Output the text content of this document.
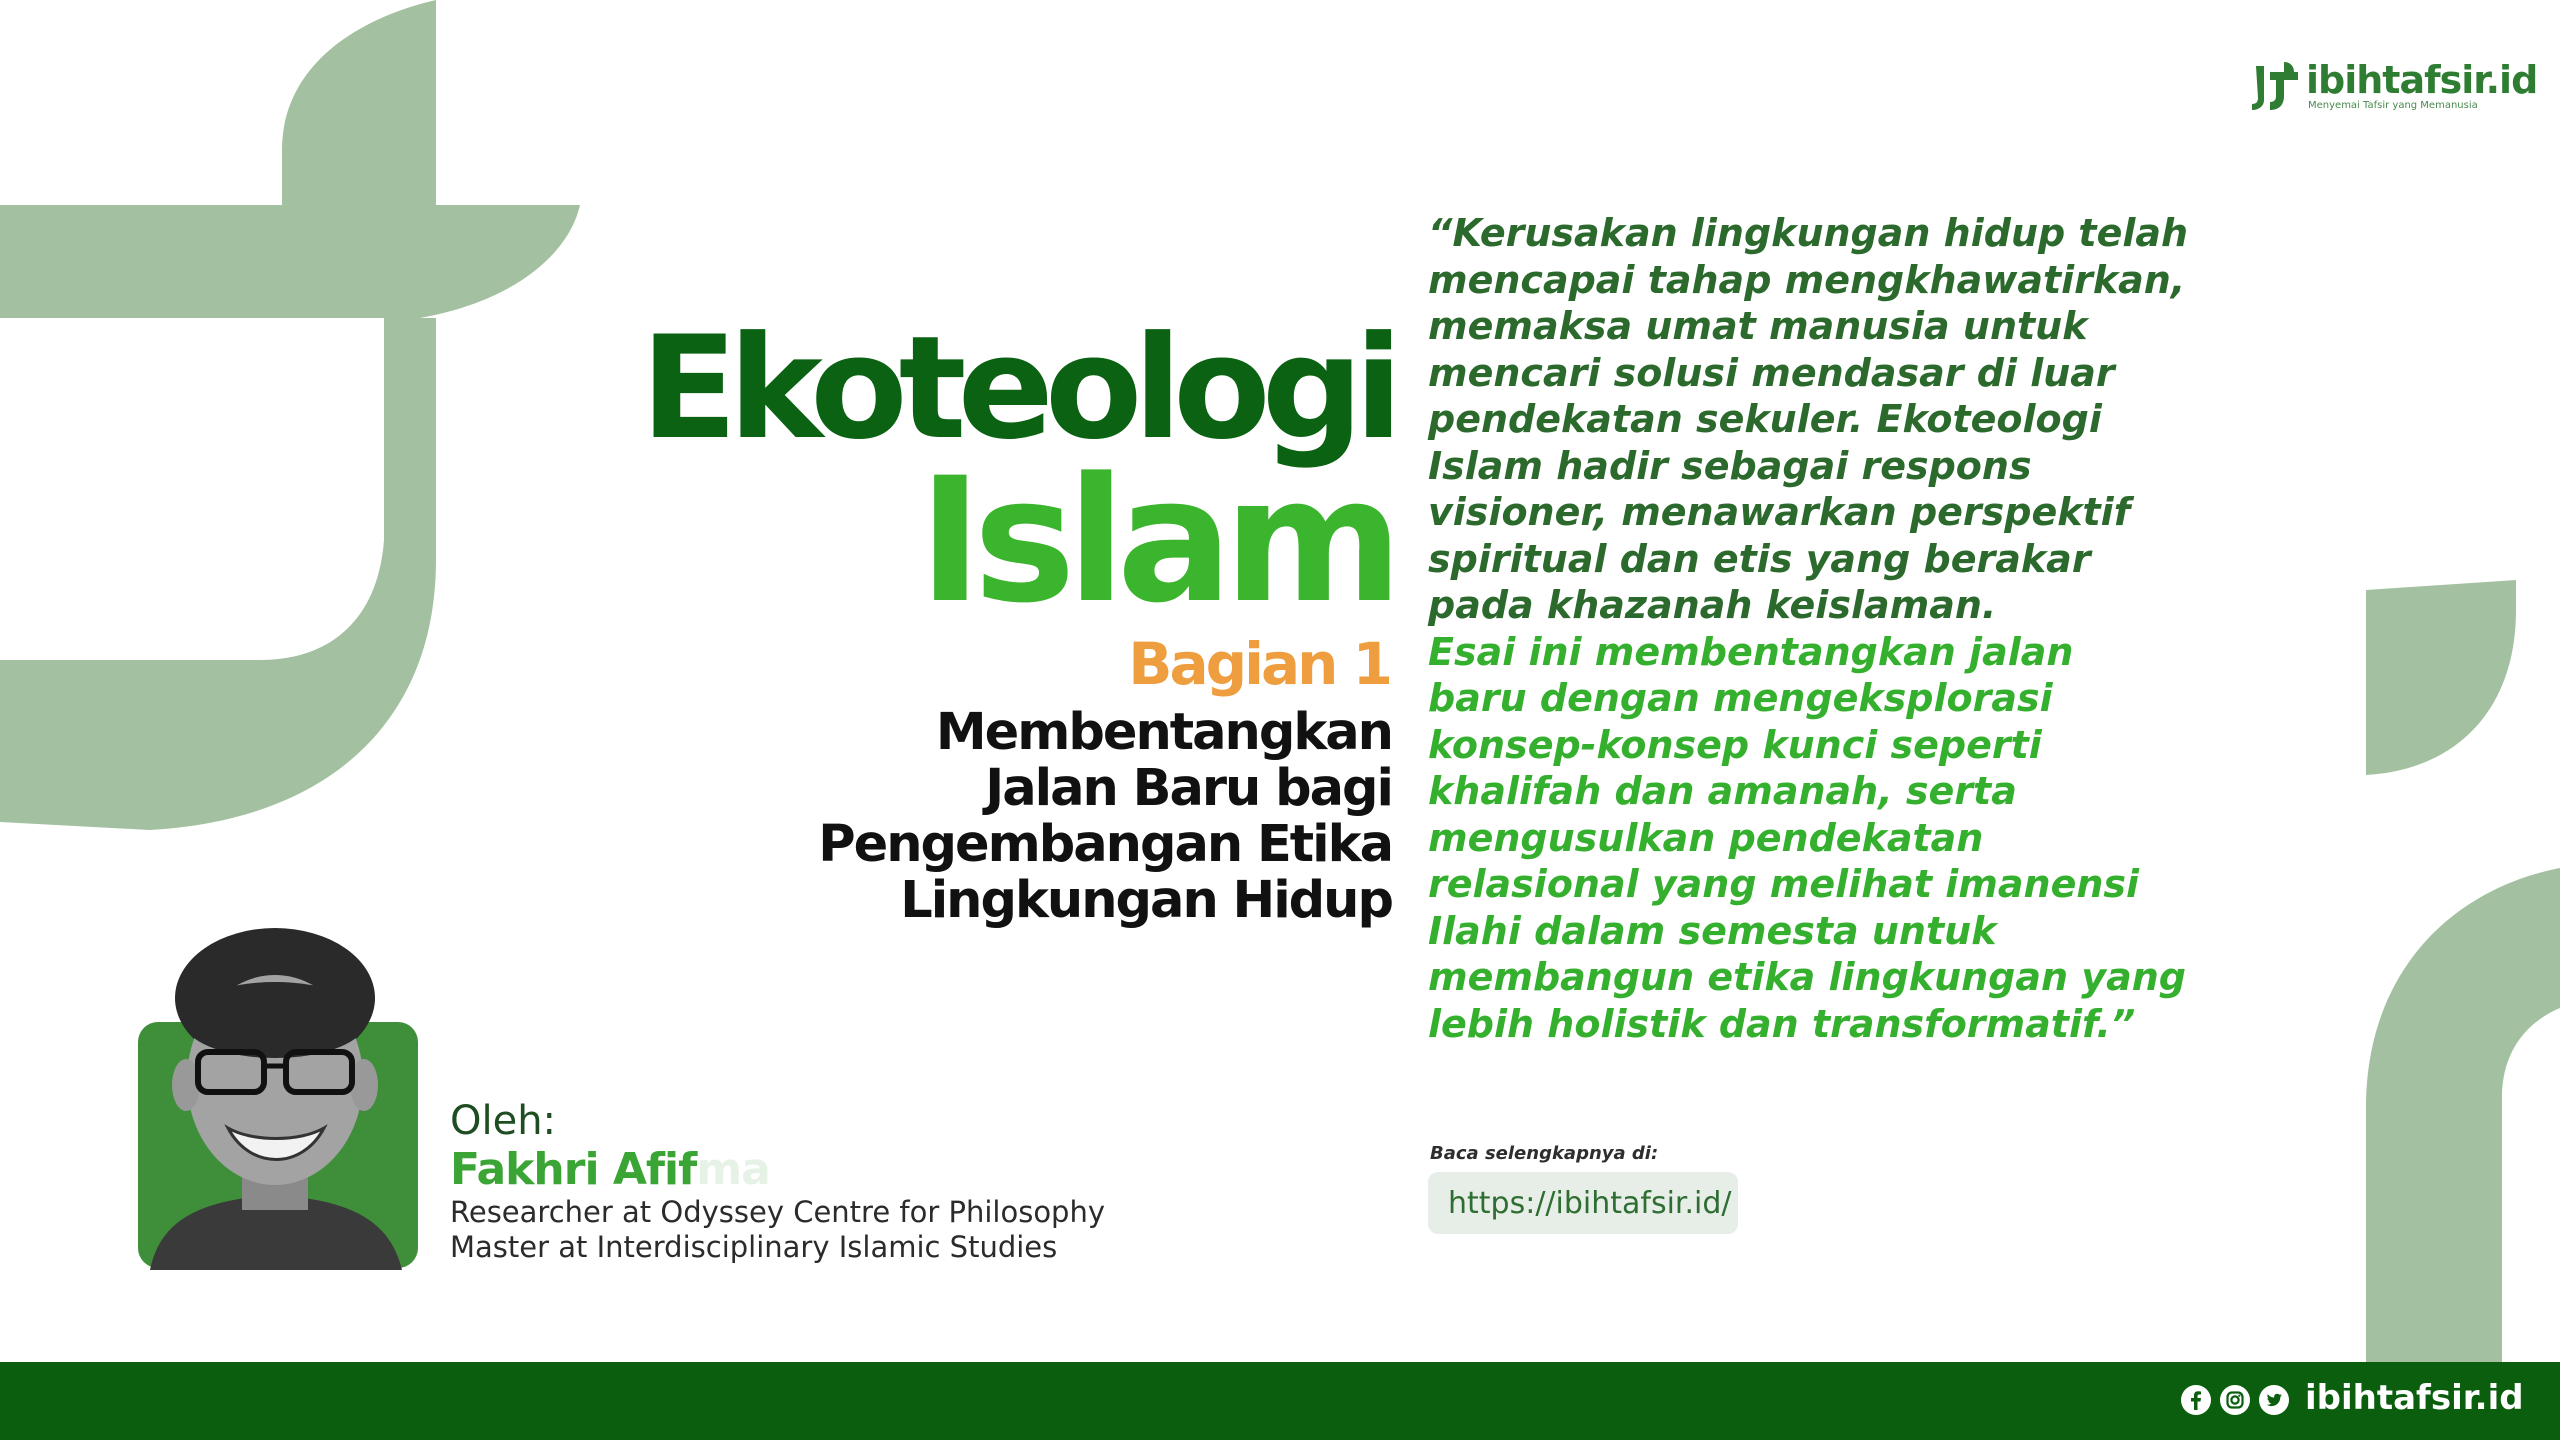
ibihtafsir.id
Menyemai Tafsir yang Memanusia
Ekoteologi
Islam
Bagian 1
Membentangkan
Jalan Baru bagi
Pengembangan Etika
Lingkungan Hidup
“Kerusakan lingkungan hidup telah
mencapai tahap mengkhawatirkan,
memaksa umat manusia untuk
mencari solusi mendasar di luar
pendekatan sekuler. Ekoteologi
Islam hadir sebagai respons
visioner, menawarkan perspektif
spiritual dan etis yang berakar
pada khazanah keislaman.
Esai ini membentangkan jalan
baru dengan mengeksplorasi
konsep-konsep kunci seperti
khalifah dan amanah, serta
mengusulkan pendekatan
relasional yang melihat imanensi
Ilahi dalam semesta untuk
membangun etika lingkungan yang
lebih holistik dan transformatif.”
Baca selengkapnya di:
https://ibihtafsir.id/
Oleh:
Fakhri Afifma
Researcher at Odyssey Centre for Philosophy
Master at Interdisciplinary Islamic Studies
ibihtafsir.id
